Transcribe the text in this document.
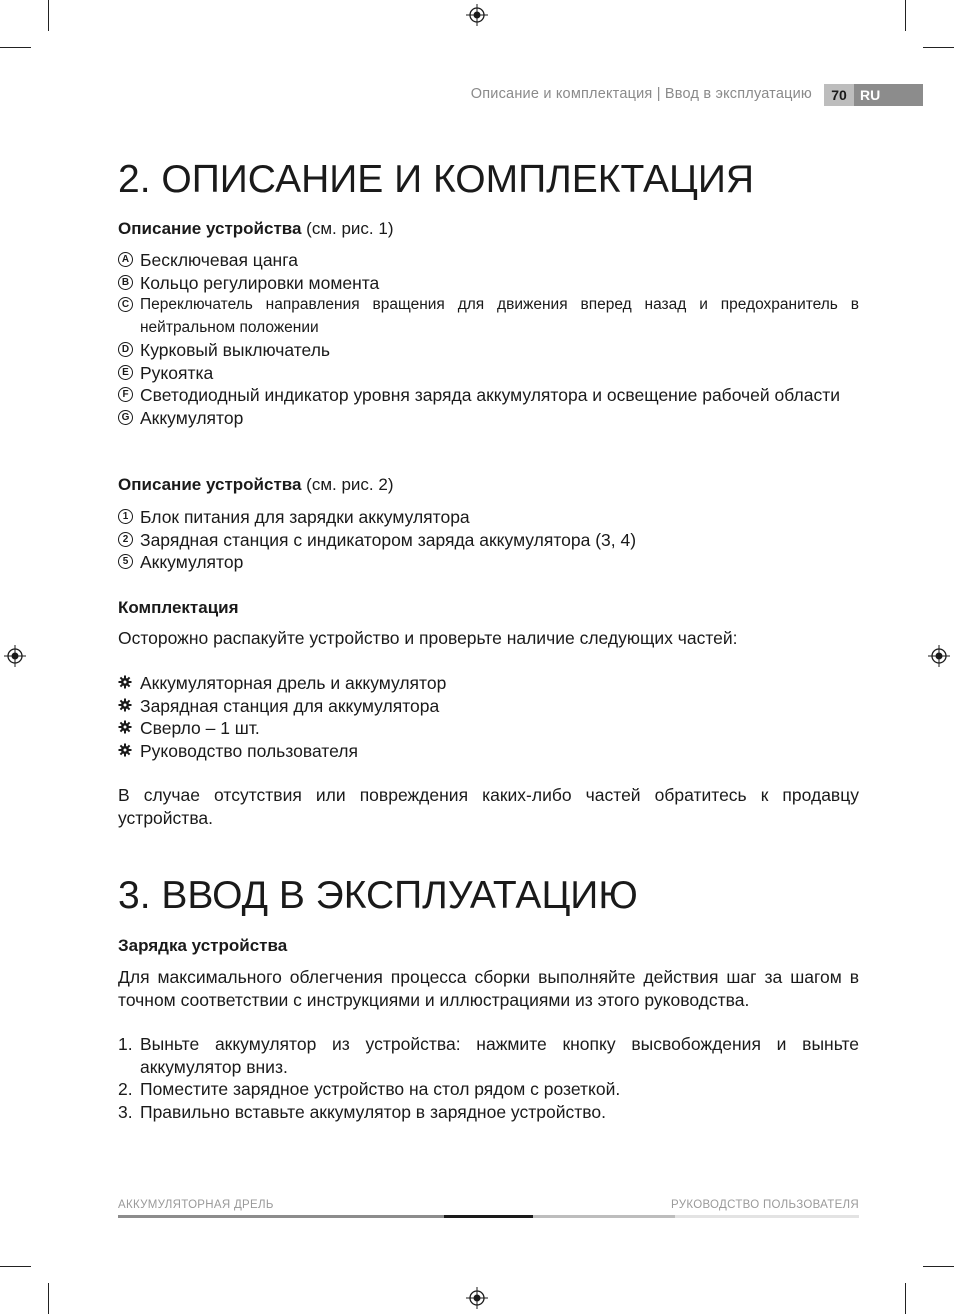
Описание и комплектация | Ввод в эксплуатацию	70 RU
2. ОПИСАНИЕ И КОМПЛЕКТАЦИЯ
Описание устройства (см. рис. 1)
A Бесключевая цанга
B Кольцо регулировки момента
C Переключатель направления вращения для движения вперед назад и предохранитель в нейтральном положении
D Курковый выключатель
E Рукоятка
F Светодиодный индикатор уровня заряда аккумулятора и освещение рабочей области
G Аккумулятор
Описание устройства (см. рис. 2)
1 Блок питания для зарядки аккумулятора
2 Зарядная станция с индикатором заряда аккумулятора (3, 4)
5 Аккумулятор
Комплектация

Осторожно распакуйте устройство и проверьте наличие следующих частей:

Аккумуляторная дрель и аккумулятор
Зарядная станция для аккумулятора
Сверло – 1 шт.
Руководство пользователя

В случае отсутствия или повреждения каких-либо частей обратитесь к продавцу устройства.

3. ВВОД В ЭКСПЛУАТАЦИЮ
Зарядка устройства

Для максимального облегчения процесса сборки выполняйте действия шаг за шагом в точном соответствии с инструкциями и иллюстрациями из этого руководства.

1. Выньте аккумулятор из устройства: нажмите кнопку высвобождения и выньте аккумулятор вниз.
2. Поместите зарядное устройство на стол рядом с розеткой.
3. Правильно вставьте аккумулятор в зарядное устройство.
АККУМУЛЯТОРНАЯ ДРЕЛЬ	РУКОВОДСТВО ПОЛЬЗОВАТЕЛЯ
